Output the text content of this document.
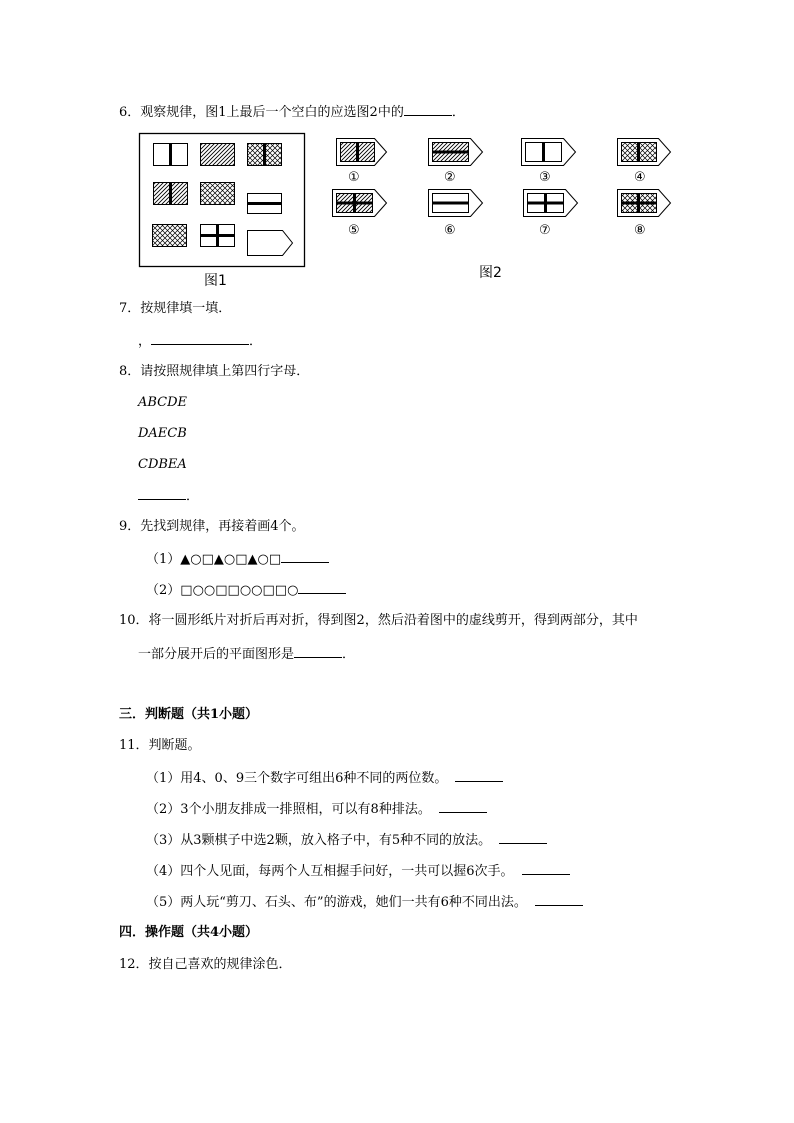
6．观察规律，图1上最后一个空白的应选图2中的	．
图1
①	②	③	④
⑤	⑥	⑦	⑧
图2
7．按规律填一填．
，	．
8．请按照规律填上第四行字母．
ABCDE
DAECB
CDBEA
．
9．先找到规律，再接着画4个。
（1）▲○□▲○□▲○□
（2）□○○□□○○□□○
10．将一圆形纸片对折后再对折，得到图2，然后沿着图中的虚线剪开，得到两部分，其中
一部分展开后的平面图形是	．
三．判断题（共1小题）
11．判断题。
（1）用4、0、9三个数字可组出6种不同的两位数。
（2）3个小朋友排成一排照相，可以有8种排法。
（3）从3颗棋子中选2颗，放入格子中，有5种不同的放法。
（4）四个人见面，每两个人互相握手问好，一共可以握6次手。
（5）两人玩“剪刀、石头、布”的游戏，她们一共有6种不同出法。
四．操作题（共4小题）
12．按自己喜欢的规律涂色．
